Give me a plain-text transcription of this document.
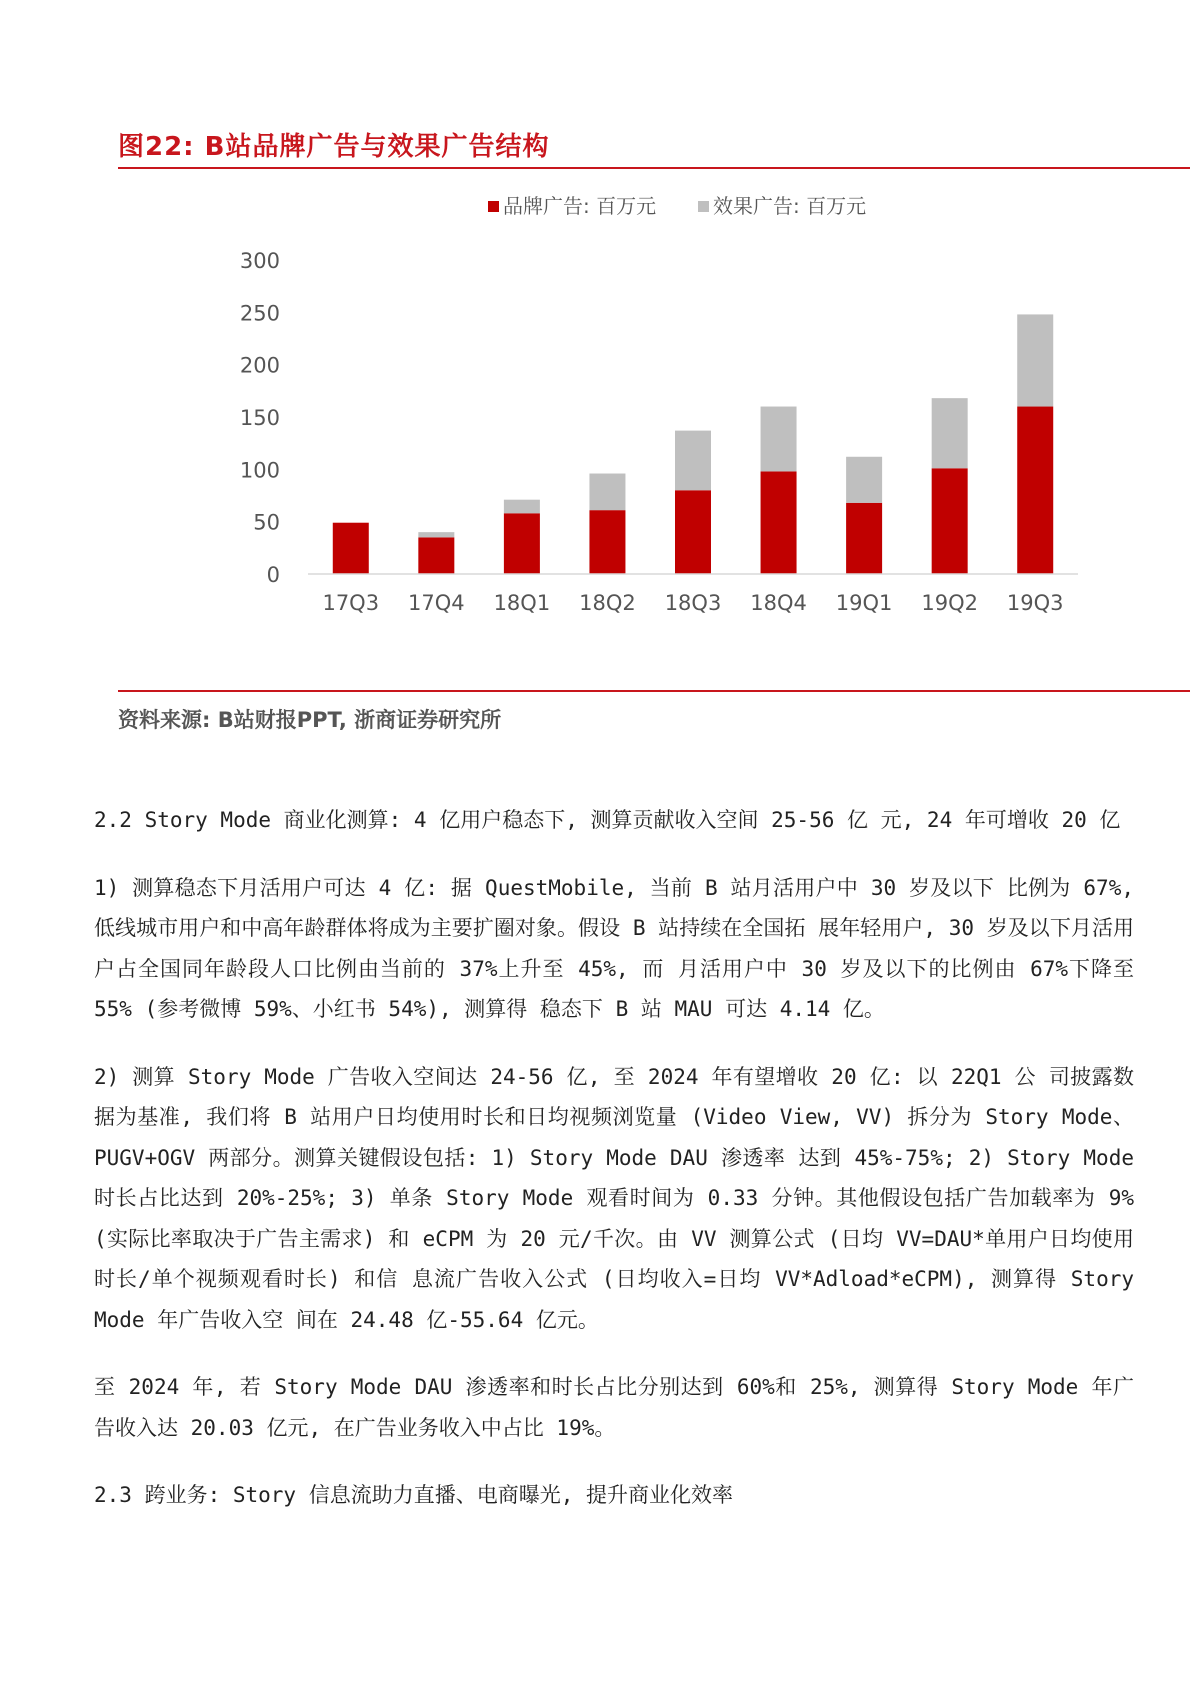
图22: B站品牌广告与效果广告结构
品牌广告: 百万元	效果广告: 百万元
0
50
100
150
200
250
300
17Q3 17Q4 18Q1 18Q2 18Q3 18Q4 19Q1 19Q2 19Q3
资料来源: B站财报PPT, 浙商证券研究所

2.2 Story Mode 商业化测算: 4 亿用户稳态下, 测算贡献收入空间 25-56 亿 元, 24 年可增收 20 亿

1) 测算稳态下月活用户可达 4 亿: 据 QuestMobile, 当前 B 站月活用户中 30 岁及以下 比例为 67%, 低线城市用户和中高年龄群体将成为主要扩圈对象。假设 B 站持续在全国拓 展年轻用户, 30 岁及以下月活用户占全国同年龄段人口比例由当前的 37%上升至 45%, 而 月活用户中 30 岁及以下的比例由 67%下降至 55% (参考微博 59%、小红书 54%), 测算得 稳态下 B 站 MAU 可达 4.14 亿。

2) 测算 Story Mode 广告收入空间达 24-56 亿, 至 2024 年有望增收 20 亿: 以 22Q1 公 司披露数据为基准, 我们将 B 站用户日均使用时长和日均视频浏览量 (Video View, VV) 拆分为 Story Mode、PUGV+OGV 两部分。测算关键假设包括: 1) Story Mode DAU 渗透率 达到 45%-75%; 2) Story Mode 时长占比达到 20%-25%; 3) 单条 Story Mode 观看时间为 0.33 分钟。其他假设包括广告加载率为 9% (实际比率取决于广告主需求) 和 eCPM 为 20 元/千次。由 VV 测算公式 (日均 VV=DAU*单用户日均使用时长/单个视频观看时长) 和信 息流广告收入公式 (日均收入=日均 VV*Adload*eCPM), 测算得 Story Mode 年广告收入空 间在 24.48 亿-55.64 亿元。

至 2024 年, 若 Story Mode DAU 渗透率和时长占比分别达到 60%和 25%, 测算得 Story Mode 年广告收入达 20.03 亿元, 在广告业务收入中占比 19%。

2.3 跨业务: Story 信息流助力直播、电商曝光, 提升商业化效率
